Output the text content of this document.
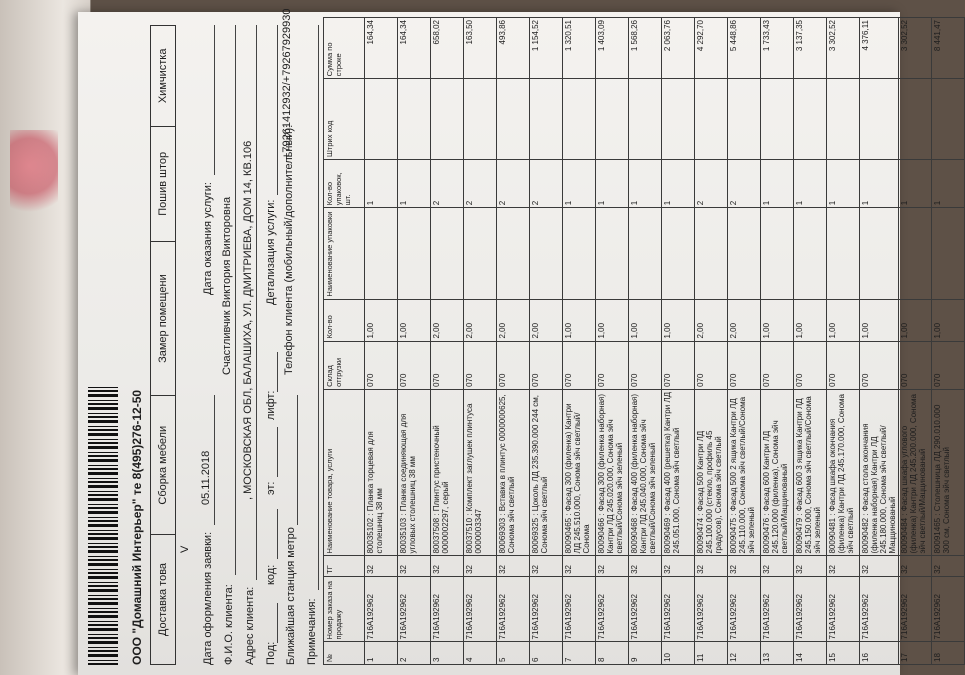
ООО "Домашний Интерьер" те 8(495)276-12-50 Доставка това	Сборка мебели	Замер помещени	Пошив штор	Химчистка
V Дата оформления заявки:
05.11.2018
Дата оказания услуги:
Ф.И.О. клиента:
Счастливчик Виктория Викторовна
Адрес клиента:
, МОСКОВСКАЯ ОБЛ, БАЛАШИХА, УЛ. ДМИТРИЕВА, ДОМ 14, КВ.106
Под:
код:
эт:
лифт:
Детализация услуги:
Ближайшая станция метро
Телефон клиента (мобильный/дополнительный):
+79261412932/+79267929930
Примечания: №	Номер заказа на продажу	ТГ	Наименование товара, услуги	Склад отгрузки	Кол-во	Наименование упаковки	Кол-во упаковок, шт.	Штрих код	Сумма по строке
1	716А192962	32	80035102 : Планка торцевая для столешниц 38 мм	070	1,00		1		164,34
2	716А192962	32	80035103 : Планка соединяющая для угловых столешниц 38 мм	070	1,00		1		164,34
3	716А192962	32	80037508 : Плинтус пристеночный 0000002297, серый	070	2,00		2		658,02
4	716А192962	32	80037510 : Комплект заглушек плинтуса 0000003347	070	2,00		2		163,50
5	716А192962	32	80069303 : Вставка в плинтус 0000000625, Сонома эйч светлый	070	2,00		2		493,86
6	716А192962	32	80069325 : Цоколь ЛД 235.390.000 244 см, Сонома эйч светлый	070	2,00		2		1 154,52
7	716А192962	32	80090465 : Фасад 300 (филенка) Кантри ЛД 245.510.000, Сонома эйч светлый/Сонома	070	1,00		1		1 320,51
8	716А192962	32	80090466 : Фасад 300 (филенка наборная) Кантри ЛД 245.020.000, Сонома эйч светлый/Сонома эйч зеленый	070	1,00		1		1 403,09
9	716А192962	32	80090468 : Фасад 400 (филенка наборная) Кантри ЛД 245.040.000, Сонома эйч светлый/Сонома эйч зеленый	070	1,00		1		1 568,26
10	716А192962	32	80090469 : Фасад 400 (решетка) Кантри ЛД 245.051.000, Сонома эйч светлый	070	1,00		1		2 063,76
11	716А192962	32	80090474 : Фасад 500 Кантри ЛД 245.100.000 (стекло, профиль 45 градусов), Сонома эйч светлый	070	2,00		2		4 292,70
12	716А192962	32	80090475 : Фасад 500 2 ящика Кантри ЛД 245.110.000, Сонома эйч светлый/Сонома эйч зеленый	070	2,00		2		5 448,86
13	716А192962	32	80090476 : Фасад 600 Кантри ЛД 245.120.000 (филенка), Сонома эйч светлый/Маццинованый	070	1,00		1		1 733,43
14	716А192962	32	80090479 : Фасад 600 3 ящика Кантри ЛД 245.150.000, Сонома эйч светлый/Сонома эйч зеленый	070	1,00		1		3 137,35
15	716А192962	32	80090481 : Фасад шкафа окончания (филенка) Кантри ЛД 245.170.000, Сонома эйч светлый	070	1,00		1		3 302,52
16	716А192962	32	80090482 : Фасад стола окончания (филенка наборная) Кантри ЛД 245.180.000, Сонома эйч светлый/Маццинованый	070	1,00		1		4 376,11
17	716А192962	32	80090484 : Фасад шкафа углового (филенка) Кантри ЛД 245.200.000, Сонома эйч светлый/Маццинованый	070	1,00		1		3 302,52
18	716А192962	32	80091465 : Столешница ЛД 290.010.000 300 см, Сонома эйч светлый	070	1,00		1		8 441,47
